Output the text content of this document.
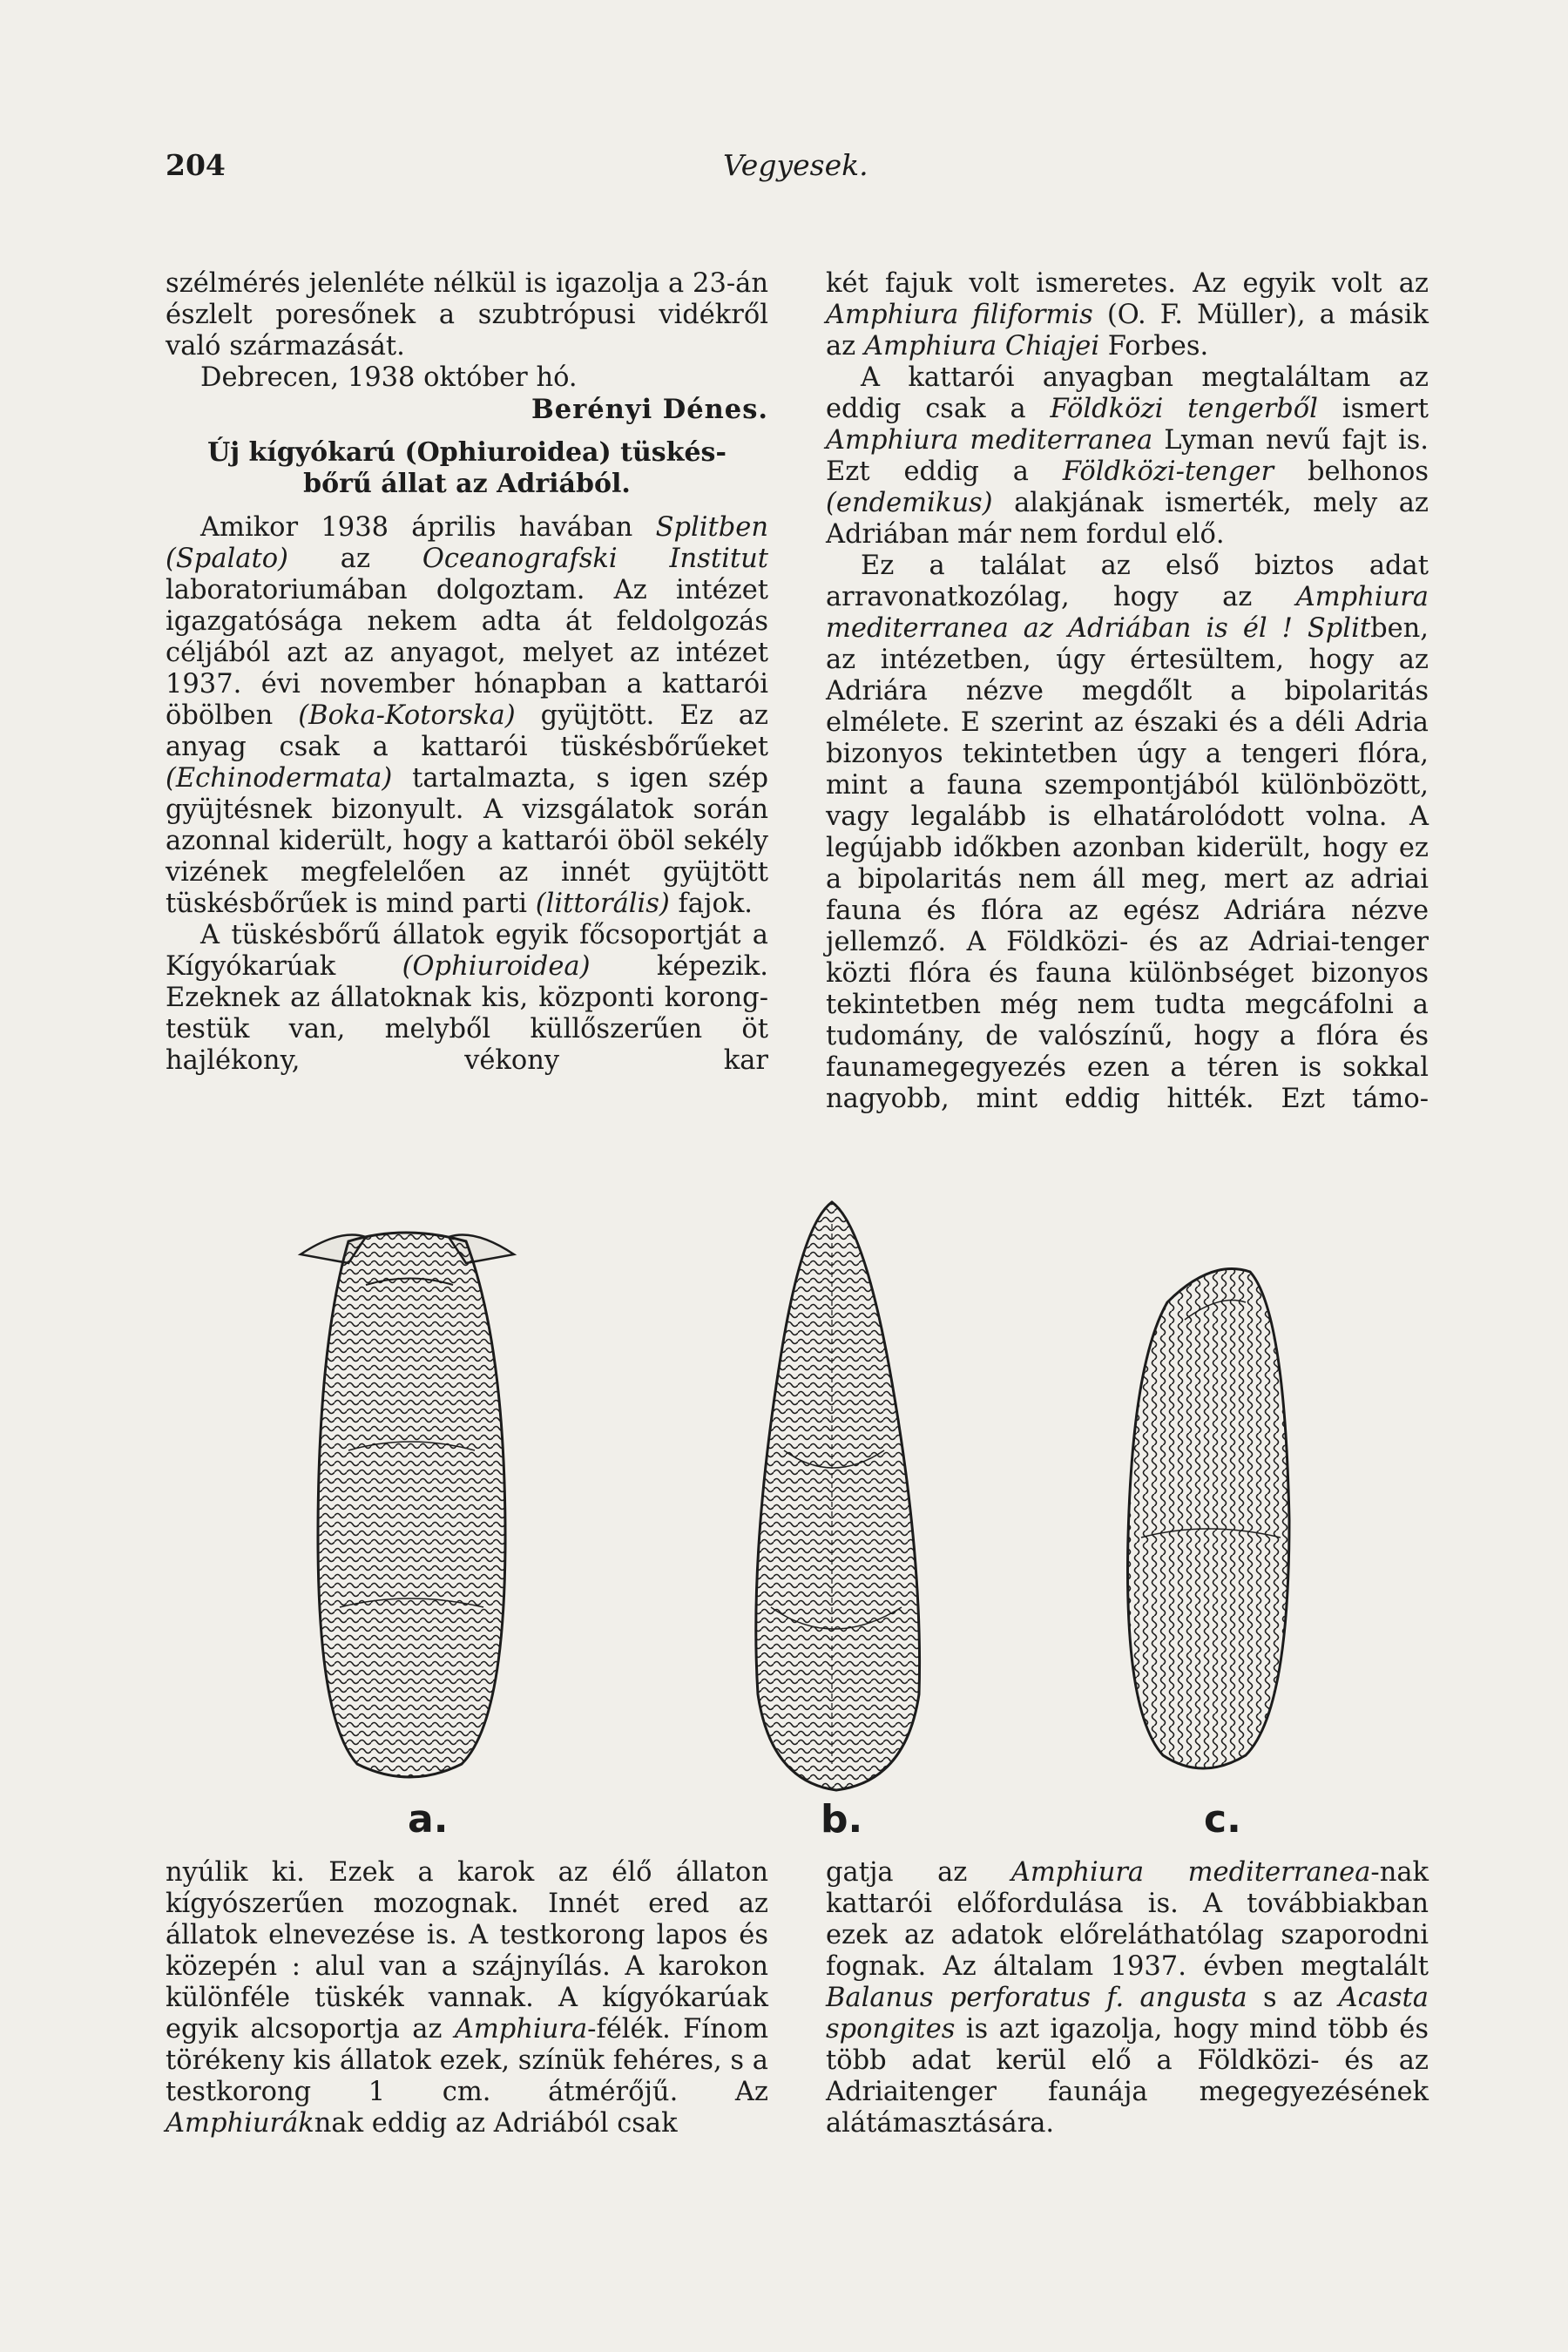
204	Vegyesek.

szélmérés jelenléte nélkül is igazolja a 23-án észlelt poresőnek a szubtrópusi vidékről való származását.

Debrecen, 1938 október hó.

Berényi Dénes.

Új kígyókarú (Ophiuroidea) tüskés-
bőrű állat az Adriából.

Amikor 1938 április havában Splitben (Spalato) az Oceanografski Institut laboratoriumában dolgoztam. Az intézet igazgatósága nekem adta át feldolgozás céljából azt az anyagot, melyet az intézet 1937. évi november hónapban a kattarói öbölben (Boka-Kotorska) gyüjtött. Ez az anyag csak a kattarói tüskésbőrűeket (Echinodermata) tartalmazta, s igen szép gyüjtésnek bizonyult. A vizsgálatok során azonnal kiderült, hogy a kattarói öböl sekély vizének megfelelően az innét gyüjtött tüskésbőrűek is mind parti (littorális) fajok.

A tüskésbőrű állatok egyik főcsoportját a Kígyókarúak (Ophiuroidea) képezik. Ezeknek az állatoknak kis, központi korong-testük van, melyből küllőszerűen öt hajlékony, vékony kar

két fajuk volt ismeretes. Az egyik volt az Amphiura filiformis (O. F. Müller), a másik az Amphiura Chiajei Forbes.

A kattarói anyagban megtaláltam az eddig csak a Földközi tengerből ismert Amphiura mediterranea Lyman nevű fajt is. Ezt eddig a Földközi-tenger belhonos (endemikus) alakjának ismerték, mely az Adriában már nem fordul elő.

Ez a találat az első biztos adat arravonatkozólag, hogy az Amphiura mediterranea az Adriában is él ! Splitben, az intézetben, úgy értesültem, hogy az Adriára nézve megdőlt a bipolaritás elmélete. E szerint az északi és a déli Adria bizonyos tekintetben úgy a tengeri flóra, mint a fauna szempontjából különbözött, vagy legalább is elhatárolódott volna. A legújabb időkben azonban kiderült, hogy ez a bipolaritás nem áll meg, mert az adriai fauna és flóra az egész Adriára nézve jellemző. A Földközi- és az Adriai-tenger közti flóra és fauna különbséget bizonyos tekintetben még nem tudta megcáfolni a tudomány, de valószínű, hogy a flóra és faunamegegyezés ezen a téren is sokkal nagyobb, mint eddig hitték. Ezt támo-

a.	b.	c.

nyúlik ki. Ezek a karok az élő állaton kígyószerűen mozognak. Innét ered az állatok elnevezése is. A testkorong lapos és közepén : alul van a szájnyílás. A karokon különféle tüskék vannak. A kígyókarúak egyik alcsoportja az Amphiura-félék. Fínom törékeny kis állatok ezek, színük fehéres, s a testkorong 1 cm. átmérőjű. Az Amphiuráknak eddig az Adriából csak

gatja az Amphiura mediterranea-nak kattarói előfordulása is. A továbbiakban ezek az adatok előreláthatólag szaporodni fognak. Az általam 1937. évben megtalált Balanus perforatus f. angusta s az Acasta spongites is azt igazolja, hogy mind több és több adat kerül elő a Földközi- és az Adriaitenger faunája megegyezésének alátámasztására.
